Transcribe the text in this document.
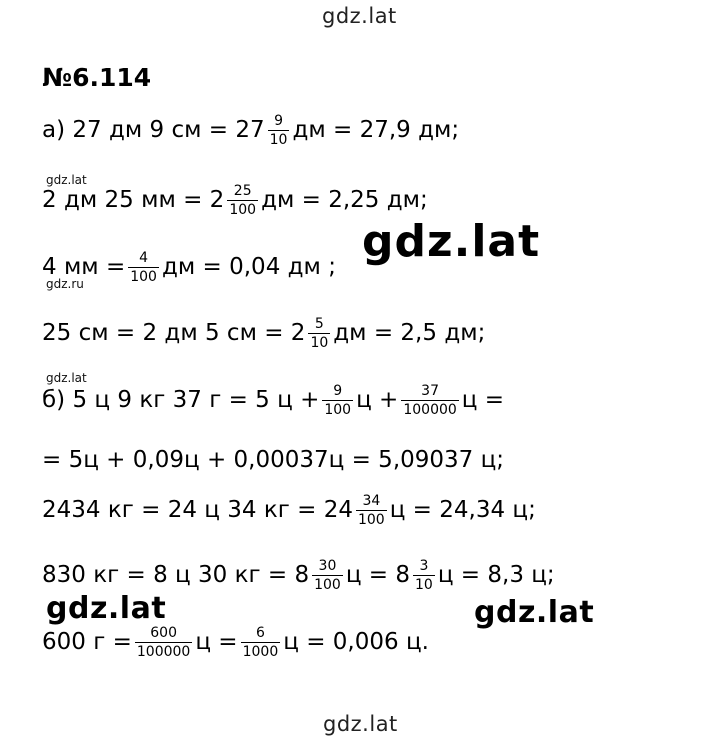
gdz.lat
№6.114
а) 27 дм 9 см = $27 \frac{9}{10}$ дм = 27,9 дм;
gdz.lat
2 дм 25 мм = $2 \frac{25}{100}$ дм = 2,25 дм;
gdz.lat
4 мм = $\frac{4}{100}$ дм = 0,04 дм ;
gdz.ru
25 см = 2 дм 5 см = $2 \frac{5}{10}$ дм = 2,5 дм;
gdz.lat
б) 5 ц 9 кг 37 г = 5 $ц + \frac{9}{100}$ $ц + \frac{37}{100000}$ ц =
= 5ц + 0,09ц + 0,00037ц = 5,09037 ц;
2434 кг = 24 ц 34 кг = $24 \frac{34}{100}$ ц = 24,34 ц;
830 кг = 8 ц 30 кг = $8 \frac{30}{100}$ $ц = 8 \frac{3}{10}$ ц = 8,3 ц;
gdz.lat	gdz.lat
600 $г = \frac{600}{100000}$ $ц = \frac{6}{1000}$ ц = 0,006 ц.
gdz.lat
